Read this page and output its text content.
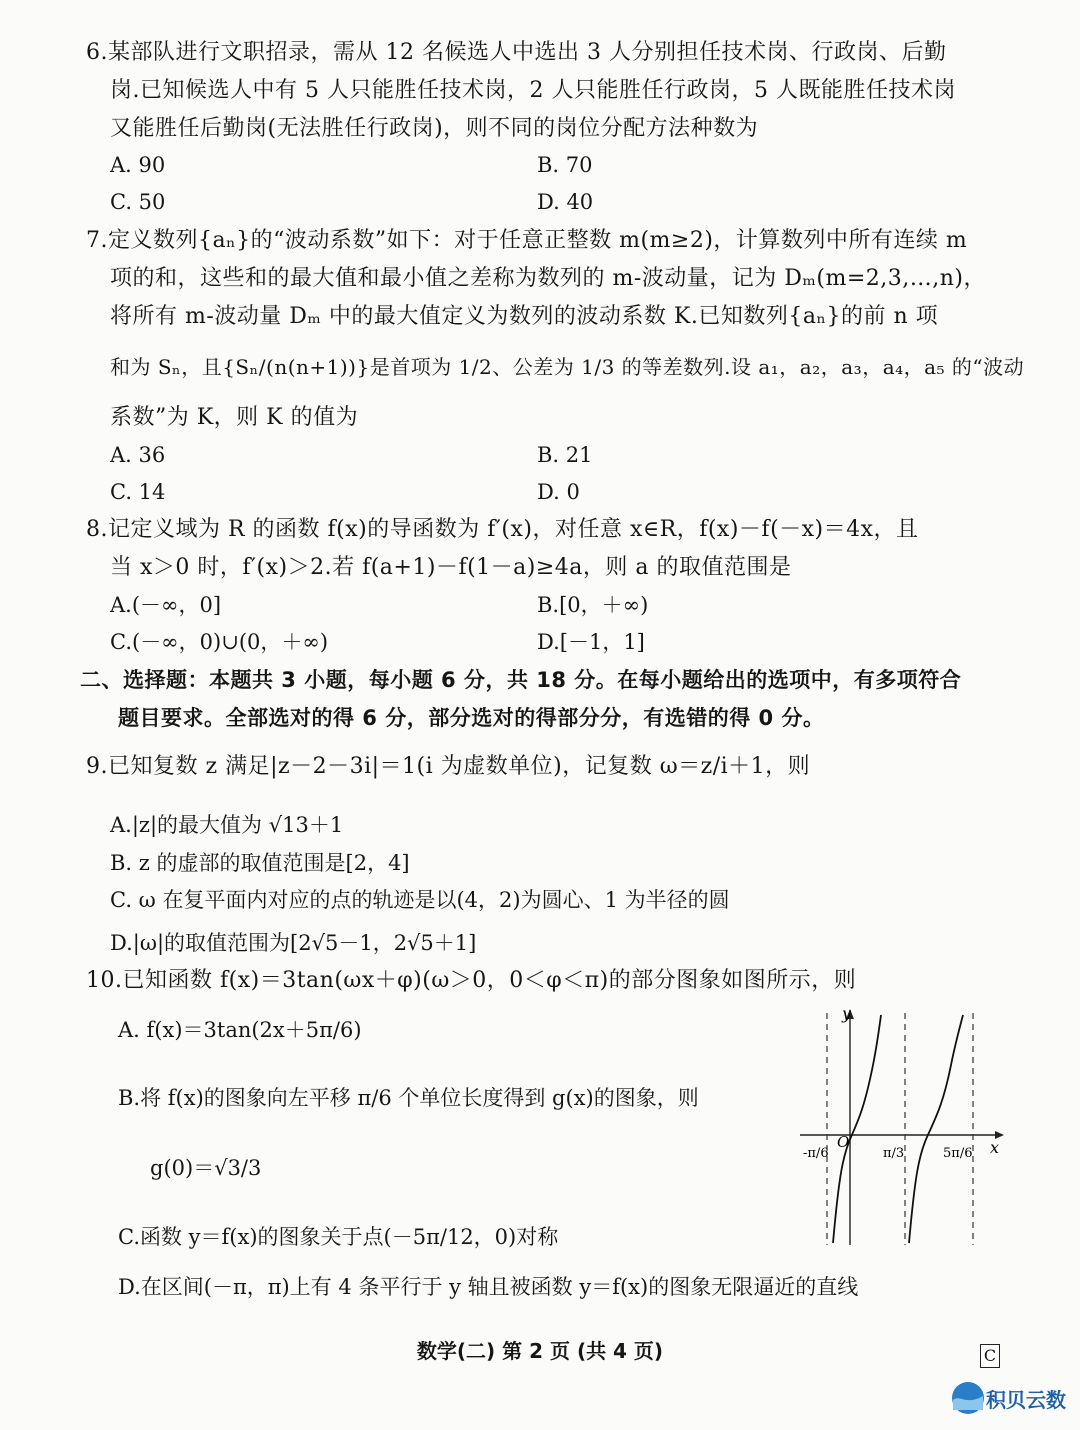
6.某部队进行文职招录，需从 12 名候选人中选出 3 人分别担任技术岗、行政岗、后勤
岗.已知候选人中有 5 人只能胜任技术岗，2 人只能胜任行政岗，5 人既能胜任技术岗
又能胜任后勤岗(无法胜任行政岗)，则不同的岗位分配方法种数为
A. 90	B. 70
C. 50	D. 40
7.定义数列{aₙ}的“波动系数”如下：对于任意正整数 m(m≥2)，计算数列中所有连续 m
项的和，这些和的最大值和最小值之差称为数列的 m-波动量，记为 Dₘ(m=2,3,…,n)，
将所有 m-波动量 Dₘ 中的最大值定义为数列的波动系数 K.已知数列{aₙ}的前 n 项
和为 Sₙ，且{Sₙ/(n(n+1))}是首项为 1/2、公差为 1/3 的等差数列.设 a₁，a₂，a₃，a₄，a₅ 的“波动
系数”为 K，则 K 的值为
A. 36	B. 21
C. 14	D. 0
8.记定义域为 R 的函数 f(x)的导函数为 f′(x)，对任意 x∈R，f(x)－f(－x)＝4x，且
当 x＞0 时，f′(x)＞2.若 f(a+1)－f(1－a)≥4a，则 a 的取值范围是
A.(－∞，0]	B.[0，＋∞)
C.(－∞，0)∪(0，＋∞)	D.[－1，1]
二、选择题：本题共 3 小题，每小题 6 分，共 18 分。在每小题给出的选项中，有多项符合
题目要求。全部选对的得 6 分，部分选对的得部分分，有选错的得 0 分。
9.已知复数 z 满足|z－2－3i|＝1(i 为虚数单位)，记复数 ω＝z/i＋1，则
A.|z|的最大值为 √13＋1
B. z 的虚部的取值范围是[2，4]
C. ω 在复平面内对应的点的轨迹是以(4，2)为圆心、1 为半径的圆
D.|ω|的取值范围为[2√5－1，2√5＋1]
10.已知函数 f(x)＝3tan(ωx＋φ)(ω＞0，0＜φ＜π)的部分图象如图所示，则
A. f(x)＝3tan(2x＋5π/6)
B.将 f(x)的图象向左平移 π/6 个单位长度得到 g(x)的图象，则
g(0)＝√3/3
C.函数 y＝f(x)的图象关于点(－5π/12，0)对称
D.在区间(－π，π)上有 4 条平行于 y 轴且被函数 y＝f(x)的图象无限逼近的直线
y
x
O
-π/6	π/3	5π/6
数学(二) 第 2 页 (共 4 页)	C
积贝云数
